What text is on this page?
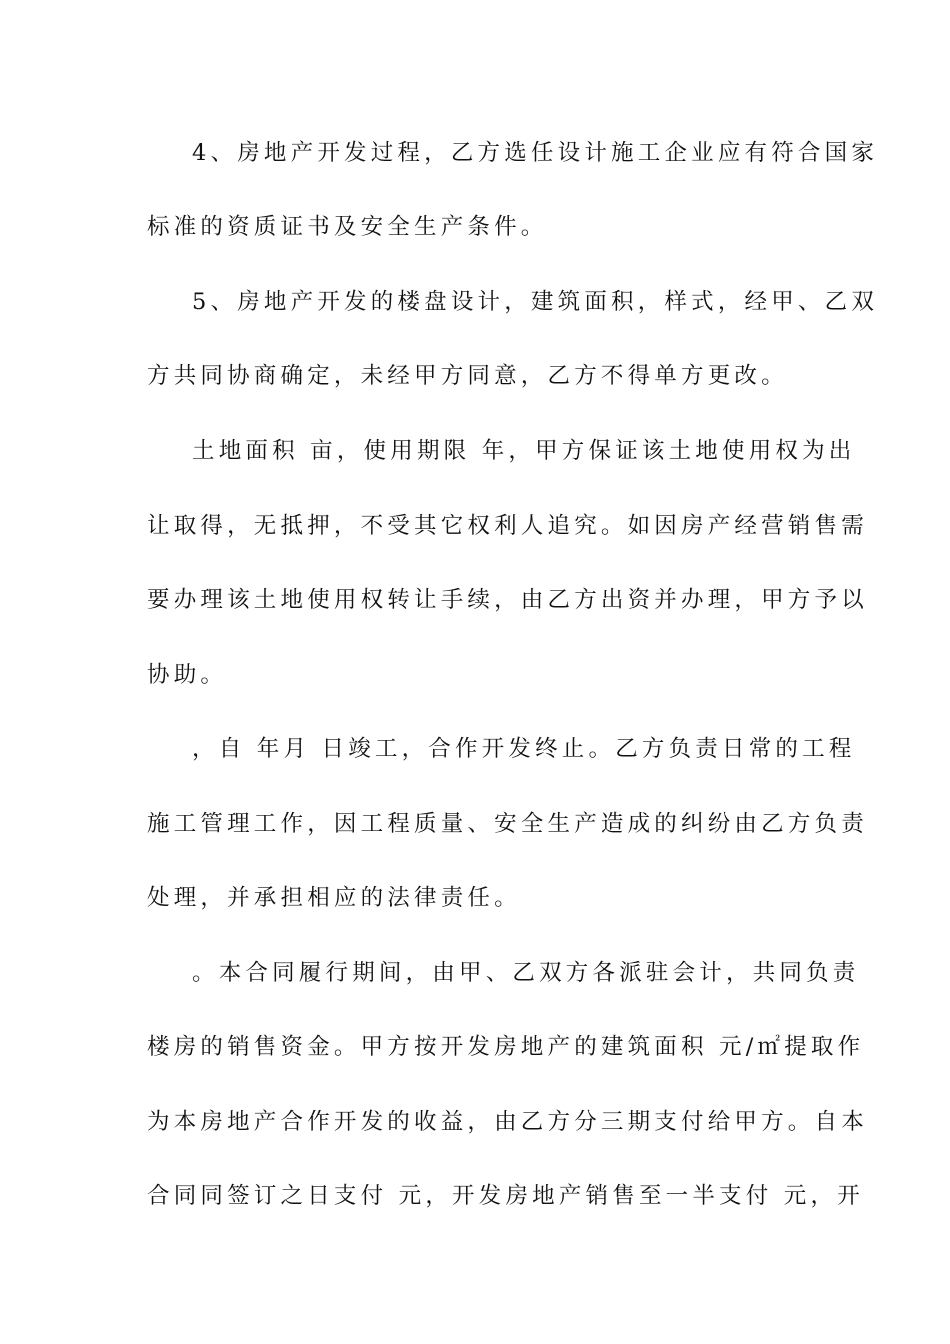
4、房地产开发过程，乙方选任设计施工企业应有符合国家
标准的资质证书及安全生产条件。
5、房地产开发的楼盘设计，建筑面积，样式，经甲、乙双
方共同协商确定，未经甲方同意，乙方不得单方更改。
土地面积 亩，使用期限 年，甲方保证该土地使用权为出
让取得，无抵押，不受其它权利人追究。如因房产经营销售需
要办理该土地使用权转让手续，由乙方出资并办理，甲方予以
协助。
，自 年月 日竣工，合作开发终止。乙方负责日常的工程
施工管理工作，因工程质量、安全生产造成的纠纷由乙方负责
处理，并承担相应的法律责任。
。本合同履行期间，由甲、乙双方各派驻会计，共同负责
楼房的销售资金。甲方按开发房地产的建筑面积 元/㎡提取作
为本房地产合作开发的收益，由乙方分三期支付给甲方。自本
合同同签订之日支付 元，开发房地产销售至一半支付 元，开
